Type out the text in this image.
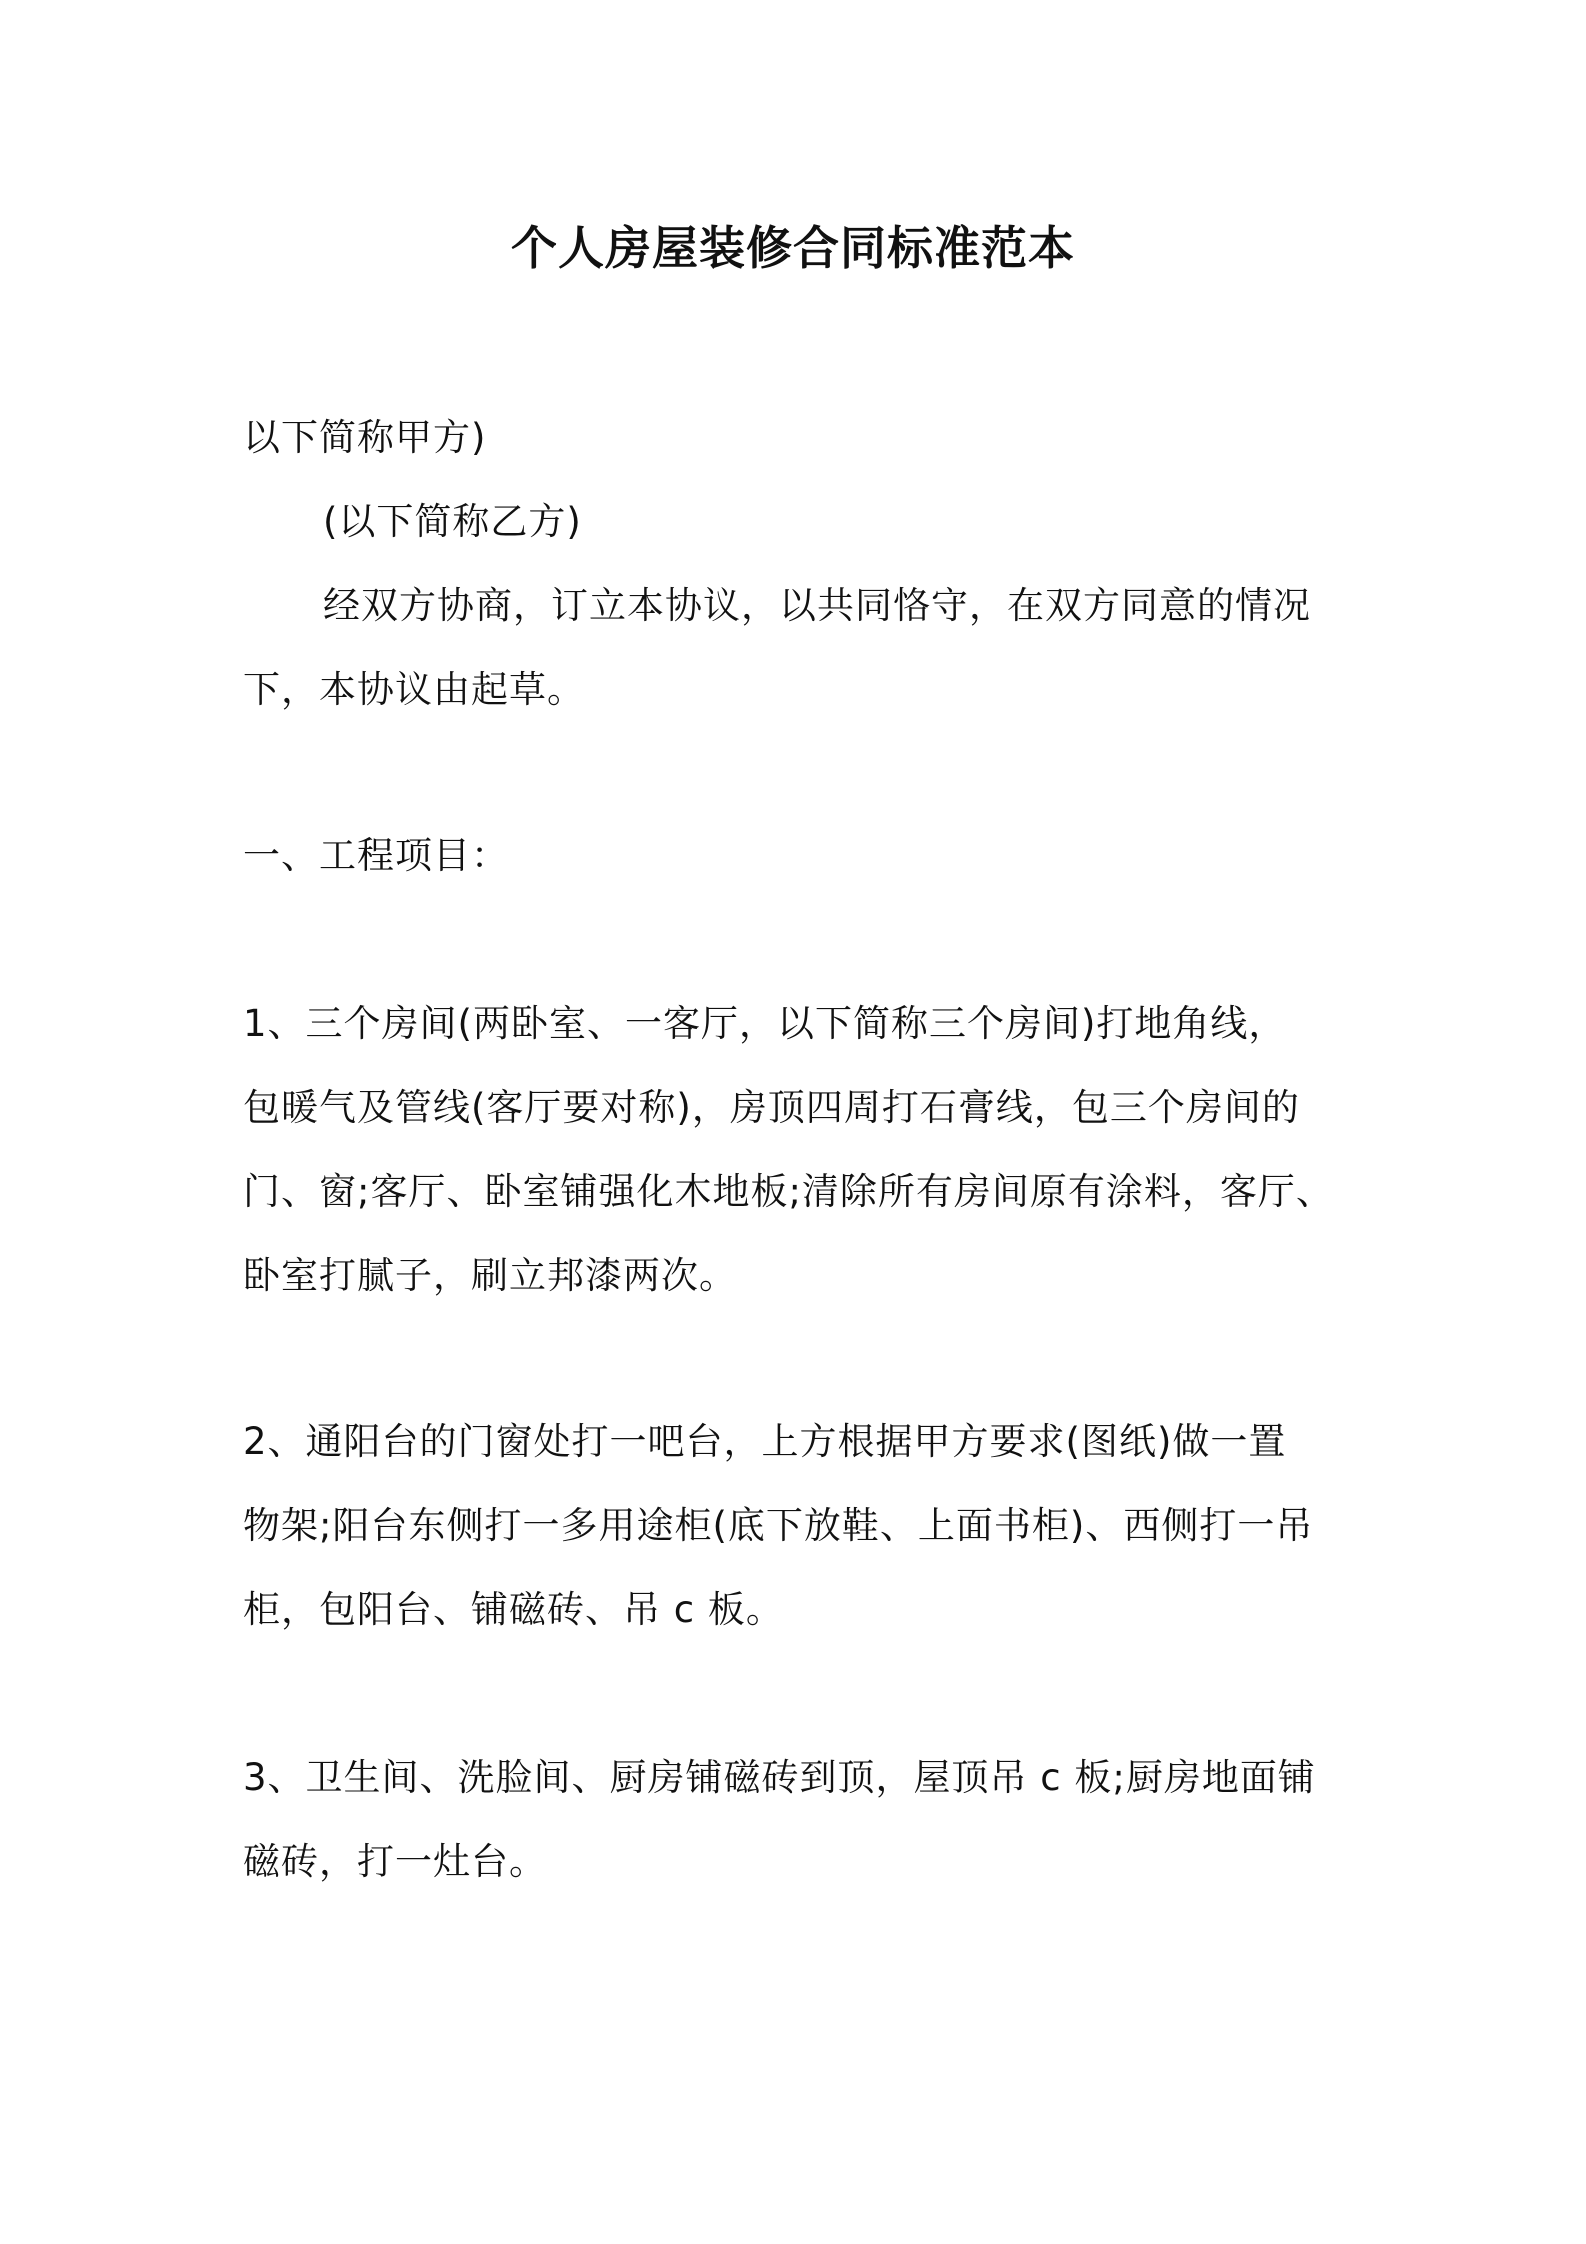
个人房屋装修合同标准范本
以下简称甲方)
(以下简称乙方)
经双方协商，订立本协议，以共同恪守，在双方同意的情况
下，本协议由起草。
一、工程项目：
1、三个房间(两卧室、一客厅，以下简称三个房间)打地角线，
包暖气及管线(客厅要对称)，房顶四周打石膏线，包三个房间的
门、窗;客厅、卧室铺强化木地板;清除所有房间原有涂料，客厅、
卧室打腻子，刷立邦漆两次。
2、通阳台的门窗处打一吧台，上方根据甲方要求(图纸)做一置
物架;阳台东侧打一多用途柜(底下放鞋、上面书柜)、西侧打一吊
柜，包阳台、铺磁砖、吊 c 板。
3、卫生间、洗脸间、厨房铺磁砖到顶，屋顶吊 c 板;厨房地面铺
磁砖，打一灶台。
